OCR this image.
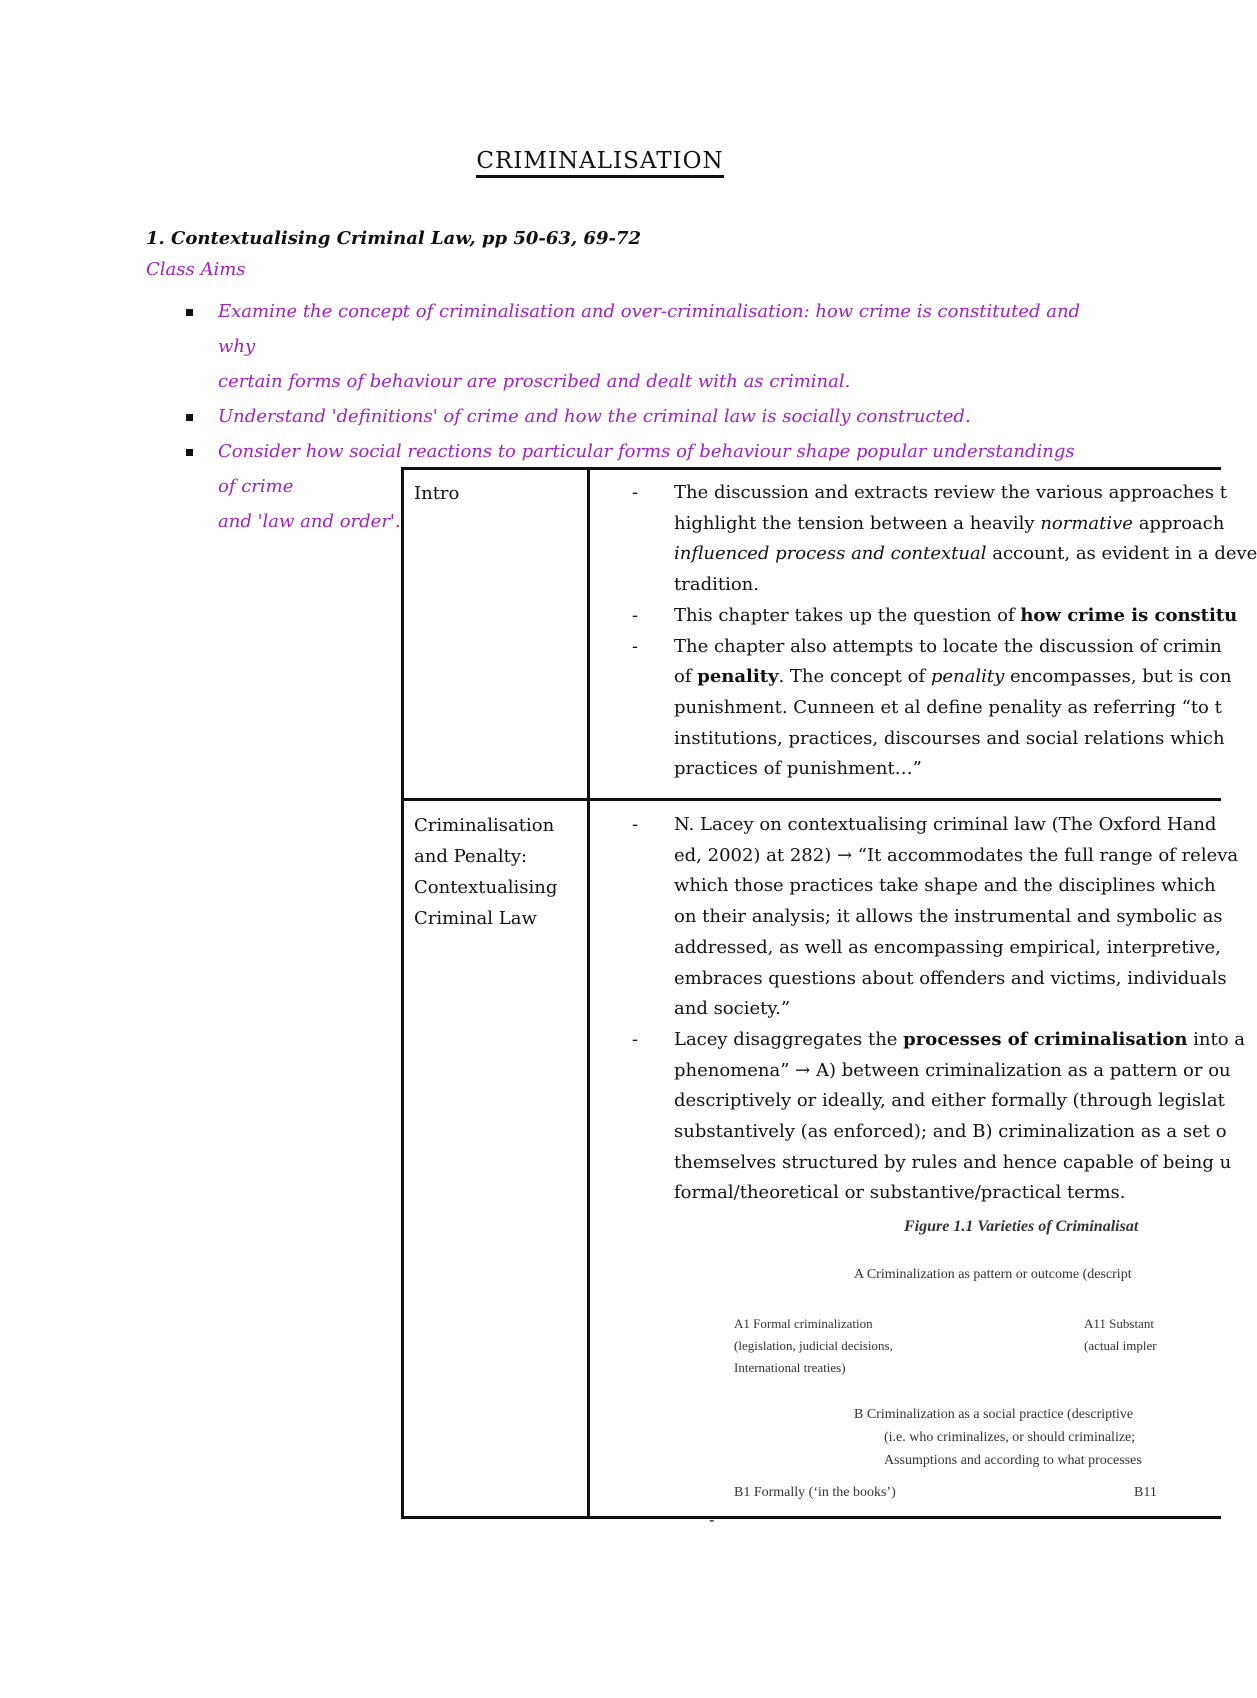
CRIMINALISATION
1. Contextualising Criminal Law, pp 50-63, 69-72
Class Aims
Examine the concept of criminalisation and over-criminalisation: how crime is constituted and why
certain forms of behaviour are proscribed and dealt with as criminal.
Understand 'definitions' of crime and how the criminal law is socially constructed.
Consider how social reactions to particular forms of behaviour shape popular understandings of crime
and 'law and order'.
Intro	- The discussion and extracts review the various approaches t
highlight the tension between a heavily normative approach
influenced process and contextual account, as evident in a deve
tradition.
- This chapter takes up the question of how crime is constitu
- The chapter also attempts to locate the discussion of crimin
of penality. The concept of penality encompasses, but is con
punishment. Cunneen et al define penality as referring “to t
institutions, practices, discourses and social relations which
practices of punishment…”
Criminalisation and Penalty: Contextualising Criminal Law
- N. Lacey on contextualising criminal law (The Oxford Hand
ed, 2002) at 282) → “It accommodates the full range of releva
which those practices take shape and the disciplines which
on their analysis; it allows the instrumental and symbolic as
addressed, as well as encompassing empirical, interpretive,
embraces questions about offenders and victims, individuals
and society.”
- Lacey disaggregates the processes of criminalisation into a
phenomena” → A) between criminalization as a pattern or ou
descriptively or ideally, and either formally (through legislat
substantively (as enforced); and B) criminalization as a set o
themselves structured by rules and hence capable of being u
formal/theoretical or substantive/practical terms.
Figure 1.1 Varieties of Criminalisat
A Criminalization as pattern or outcome (descript
A1 Formal criminalization
(legislation, judicial decisions,
International treaties)
A11 Substant
(actual impler
B Criminalization as a social practice (descriptive
(i.e. who criminalizes, or should criminalize;
Assumptions and according to what processes
B1 Formally (‘in the books’)	B11
-
